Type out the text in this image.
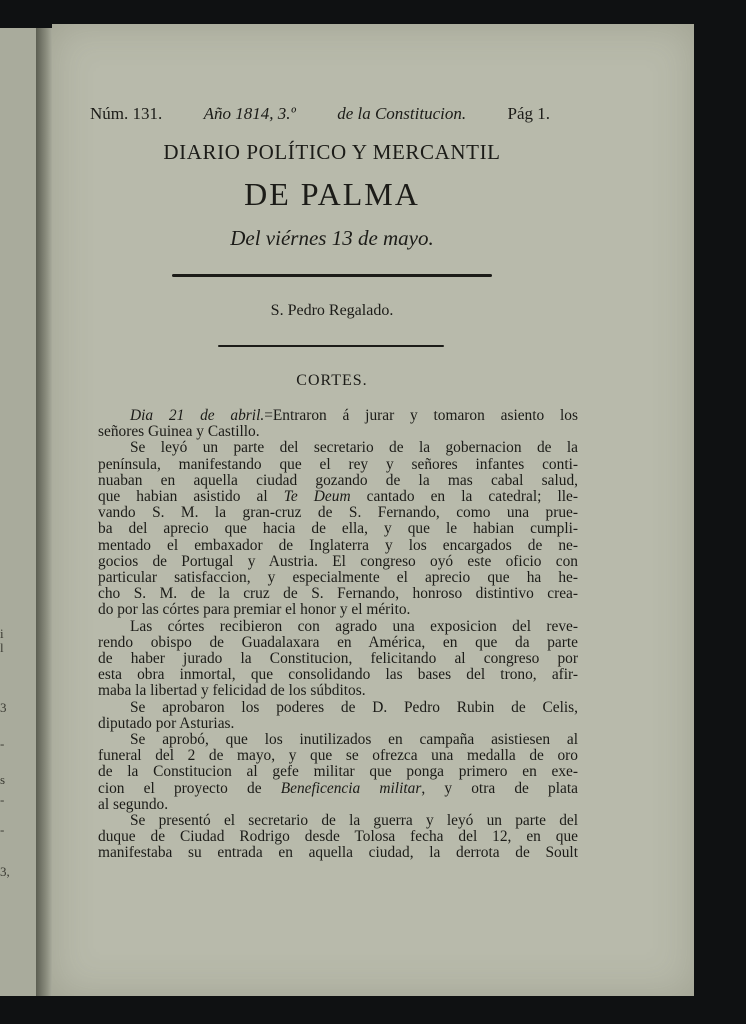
i
l
3
-
s
-
-
3,
Núm. 131. Año 1814, 3.º de la Constitucion. Pág 1.
DIARIO POLÍTICO Y MERCANTIL
DE PALMA
Del viérnes 13 de mayo.
S. Pedro Regalado.
CORTES.
Dia 21 de abril.=Entraron á jurar y tomaron asiento los
señores Guinea y Castillo.
Se leyó un parte del secretario de la gobernacion de la
península, manifestando que el rey y señores infantes conti-
nuaban en aquella ciudad gozando de la mas cabal salud,
que habian asistido al Te Deum cantado en la catedral; lle-
vando S. M. la gran-cruz de S. Fernando, como una prue-
ba del aprecio que hacia de ella, y que le habian cumpli-
mentado el embaxador de Inglaterra y los encargados de ne-
gocios de Portugal y Austria. El congreso oyó este oficio con
particular satisfaccion, y especialmente el aprecio que ha he-
cho S. M. de la cruz de S. Fernando, honroso distintivo crea-
do por las córtes para premiar el honor y el mérito.
Las córtes recibieron con agrado una exposicion del reve-
rendo obispo de Guadalaxara en América, en que da parte
de haber jurado la Constitucion, felicitando al congreso por
esta obra inmortal, que consolidando las bases del trono, afir-
maba la libertad y felicidad de los súbditos.
Se aprobaron los poderes de D. Pedro Rubin de Celis,
diputado por Asturias.
Se aprobó, que los inutilizados en campaña asistiesen al
funeral del 2 de mayo, y que se ofrezca una medalla de oro
de la Constitucion al gefe militar que ponga primero en exe-
cion el proyecto de Beneficencia militar, y otra de plata
al segundo.
Se presentó el secretario de la guerra y leyó un parte del
duque de Ciudad Rodrigo desde Tolosa fecha del 12, en que
manifestaba su entrada en aquella ciudad, la derrota de Soult
